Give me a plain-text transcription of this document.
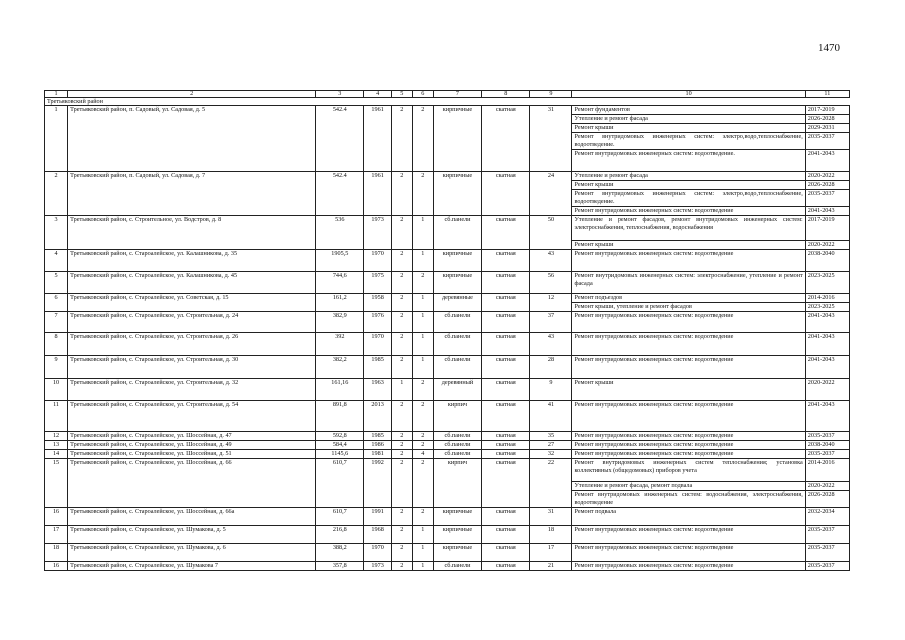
1470
1	2	3	4	5	6	7	8	9	10	11
Третьяковский район										
1	Третьяковский район, п. Садовый, ул. Садовая, д. 5	542.4	1961	2	2	кирпичные	скатная	31	Ремонт фундаментов	2017-2019
									Утепление и ремонт фасада	2026-2028
									Ремонт крыши	2029-2031
									Ремонт внутридомовых инженерных систем: электро,водо,теплоснабжение, водоотведение.	2035-2037
									Ремонт внутридомовых инженерных систем: водоотведение.	2041-2043
2	Третьяковский район, п. Садовый, ул. Садовая, д. 7	542.4	1961	2	2	кирпичные	скатная	24	Утепление и ремонт фасада	2020-2022
									Ремонт крыши	2026-2028
									Ремонт внутридомовых инженерных систем: электро,водо,теплоснабжение, водоотведение.	2035-2037
									Ремонт внутридомовых инженерных систем: водоотведение	2041-2043
3	Третьяковский район, с. Строительное, ул. Водстров, д. 8	536	1973	2	1	сб.панели	скатная	50	Утепление и ремонт фасадов, ремонт внутридомовых инженерных систем: электроснабжения, теплоснабжения, водоснабжения	2017-2019
									Ремонт крыши	2020-2022
4	Третьяковский район, с. Староалейское, ул. Калашникова, д. 35	1905,5	1970	2	1	кирпичные	скатная	43	Ремонт внутридомовых инженерных систем: водоотведение	2038-2040
5	Третьяковский район, с. Староалейское, ул. Калашникова, д. 45	744,6	1975	2	2	кирпичные	скатная	56	Ремонт внутридомовых инженерных систем: электроснабжение, утепление и ремонт фасада	2023-2025
6	Третьяковский район, с. Староалейское, ул. Советская, д. 15	161,2	1958	2	1	деревянные	скатная	12	Ремонт подъездов	2014-2016
									Ремонт крыши, утепление и ремонт фасадов	2023-2025
7	Третьяковский район, с. Староалейское, ул. Строительная, д. 24	382,9	1976	2	1	сб.панели	скатная	37	Ремонт внутридомовых инженерных систем: водоотведение	2041-2043
8	Третьяковский район, с. Староалейское, ул. Строительная, д. 26	392	1970	2	1	сб.панели	скатная	43	Ремонт внутридомовых инженерных систем: водоотведение	2041-2043
9	Третьяковский район, с. Староалейское, ул. Строительная, д. 30	382,2	1985	2	1	сб.панели	скатная	28	Ремонт внутридомовых инженерных систем: водоотведение	2041-2043
10	Третьяковский район, с. Староалейское, ул. Строительная, д. 32	161,16	1963	1	2	деревянный	скатная	9	Ремонт крыши	2020-2022
11	Третьяковский район, с. Староалейское, ул. Строительная, д. 54	891,8	2013	2	2	кирпич	скатная	41	Ремонт внутридомовых инженерных систем: водоотведение	2041-2043
12	Третьяковский район, с. Староалейское, ул. Шоссейная, д. 47	592,8	1985	2	2	сб.панели	скатная	35	Ремонт внутридомовых инженерных систем: водоотведение	2035-2037
13	Третьяковский район, с. Староалейское, ул. Шоссейная, д. 49	584,4	1986	2	2	сб.панели	скатная	27	Ремонт внутридомовых инженерных систем: водоотведение	2038-2040
14	Третьяковский район, с. Староалейское, ул. Шоссейная, д. 51	1145,6	1981	2	4	сб.панели	скатная	32	Ремонт внутридомовых инженерных систем: водоотведение	2035-2037
15	Третьяковский район, с. Староалейское, ул. Шоссейная, д. 66	610,7	1992	2	2	кирпич	скатная	22	Ремонт внутридомовых инженерных систем теплоснабжения; установка коллективных (общедомовых) приборов учета	2014-2016
									Утепление и ремонт фасада, ремонт подвала	2020-2022
									Ремонт внутридомовых инженерных систем: водоснабжения, электроснабжения, водоотведение	2026-2028
16	Третьяковский район, с. Староалейское, ул. Шоссейная, д. 66а	610,7	1991	2	2	кирпичные	скатная	31	Ремонт подвала	2032-2034
17	Третьяковский район, с. Староалейское, ул. Шумакова, д. 5	216,8	1968	2	1	кирпичные	скатная	18	Ремонт внутридомовых инженерных систем: водоотведение	2035-2037
18	Третьяковский район, с. Староалейское, ул. Шумакова, д. 6	388,2	1970	2	1	кирпичные	скатная	17	Ремонт внутридомовых инженерных систем: водоотведение	2035-2037
16	Третьяковский район, с. Староалейское, ул. Шумакова 7	357,8	1973	2	1	сб.панели	скатная	21	Ремонт внутридомовых инженерных систем: водоотведение	2035-2037
